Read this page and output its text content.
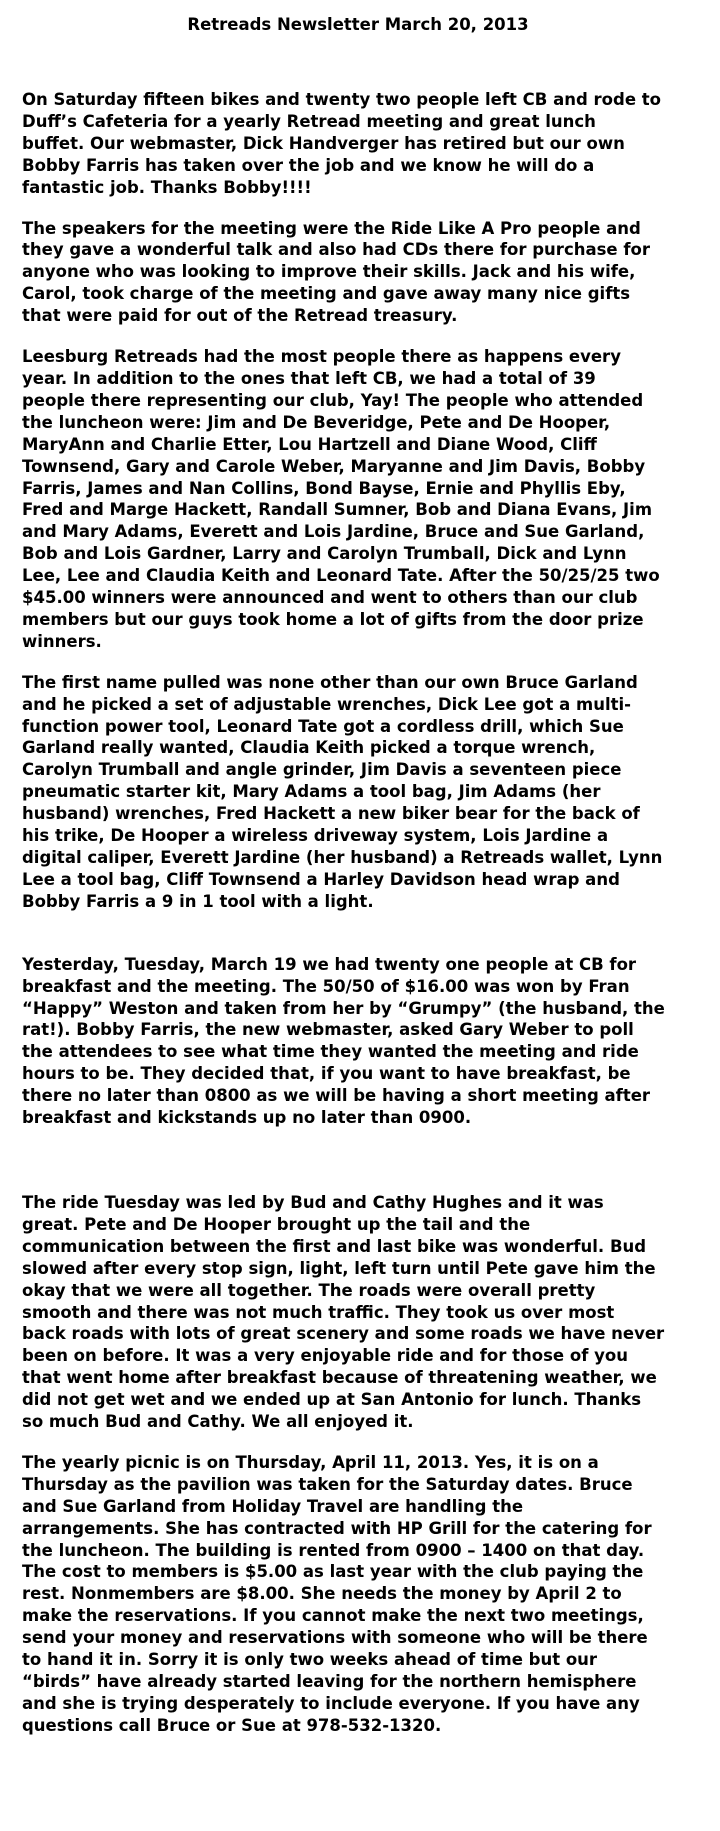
Retreads Newsletter March 20, 2013

On Saturday fifteen bikes and twenty two people left CB and rode to
Duff’s Cafeteria for a yearly Retread meeting and great lunch
buffet. Our webmaster, Dick Handverger has retired but our own
Bobby Farris has taken over the job and we know he will do a
fantastic job. Thanks Bobby!!!!

The speakers for the meeting were the Ride Like A Pro people and
they gave a wonderful talk and also had CDs there for purchase for
anyone who was looking to improve their skills. Jack and his wife,
Carol, took charge of the meeting and gave away many nice gifts
that were paid for out of the Retread treasury.

Leesburg Retreads had the most people there as happens every
year. In addition to the ones that left CB, we had a total of 39
people there representing our club, Yay! The people who attended
the luncheon were: Jim and De Beveridge, Pete and De Hooper,
MaryAnn and Charlie Etter, Lou Hartzell and Diane Wood, Cliff
Townsend, Gary and Carole Weber, Maryanne and Jim Davis, Bobby
Farris, James and Nan Collins, Bond Bayse, Ernie and Phyllis Eby,
Fred and Marge Hackett, Randall Sumner, Bob and Diana Evans, Jim
and Mary Adams, Everett and Lois Jardine, Bruce and Sue Garland,
Bob and Lois Gardner, Larry and Carolyn Trumball, Dick and Lynn
Lee, Lee and Claudia Keith and Leonard Tate. After the 50/25/25 two
$45.00 winners were announced and went to others than our club
members but our guys took home a lot of gifts from the door prize
winners.

The first name pulled was none other than our own Bruce Garland
and he picked a set of adjustable wrenches, Dick Lee got a multi-
function power tool, Leonard Tate got a cordless drill, which Sue
Garland really wanted, Claudia Keith picked a torque wrench,
Carolyn Trumball and angle grinder, Jim Davis a seventeen piece
pneumatic starter kit, Mary Adams a tool bag, Jim Adams (her
husband) wrenches, Fred Hackett a new biker bear for the back of
his trike, De Hooper a wireless driveway system, Lois Jardine a
digital caliper, Everett Jardine (her husband) a Retreads wallet, Lynn
Lee a tool bag, Cliff Townsend a Harley Davidson head wrap and
Bobby Farris a 9 in 1 tool with a light.

Yesterday, Tuesday, March 19 we had twenty one people at CB for
breakfast and the meeting. The 50/50 of $16.00 was won by Fran
“Happy” Weston and taken from her by “Grumpy” (the husband, the
rat!). Bobby Farris, the new webmaster, asked Gary Weber to poll
the attendees to see what time they wanted the meeting and ride
hours to be. They decided that, if you want to have breakfast, be
there no later than 0800 as we will be having a short meeting after
breakfast and kickstands up no later than 0900.

The ride Tuesday was led by Bud and Cathy Hughes and it was
great. Pete and De Hooper brought up the tail and the
communication between the first and last bike was wonderful. Bud
slowed after every stop sign, light, left turn until Pete gave him the
okay that we were all together. The roads were overall pretty
smooth and there was not much traffic. They took us over most
back roads with lots of great scenery and some roads we have never
been on before. It was a very enjoyable ride and for those of you
that went home after breakfast because of threatening weather, we
did not get wet and we ended up at San Antonio for lunch. Thanks
so much Bud and Cathy. We all enjoyed it.

The yearly picnic is on Thursday, April 11, 2013. Yes, it is on a
Thursday as the pavilion was taken for the Saturday dates. Bruce
and Sue Garland from Holiday Travel are handling the
arrangements. She has contracted with HP Grill for the catering for
the luncheon. The building is rented from 0900 – 1400 on that day.
The cost to members is $5.00 as last year with the club paying the
rest. Nonmembers are $8.00. She needs the money by April 2 to
make the reservations. If you cannot make the next two meetings,
send your money and reservations with someone who will be there
to hand it in. Sorry it is only two weeks ahead of time but our
“birds” have already started leaving for the northern hemisphere
and she is trying desperately to include everyone. If you have any
questions call Bruce or Sue at 978-532-1320.
